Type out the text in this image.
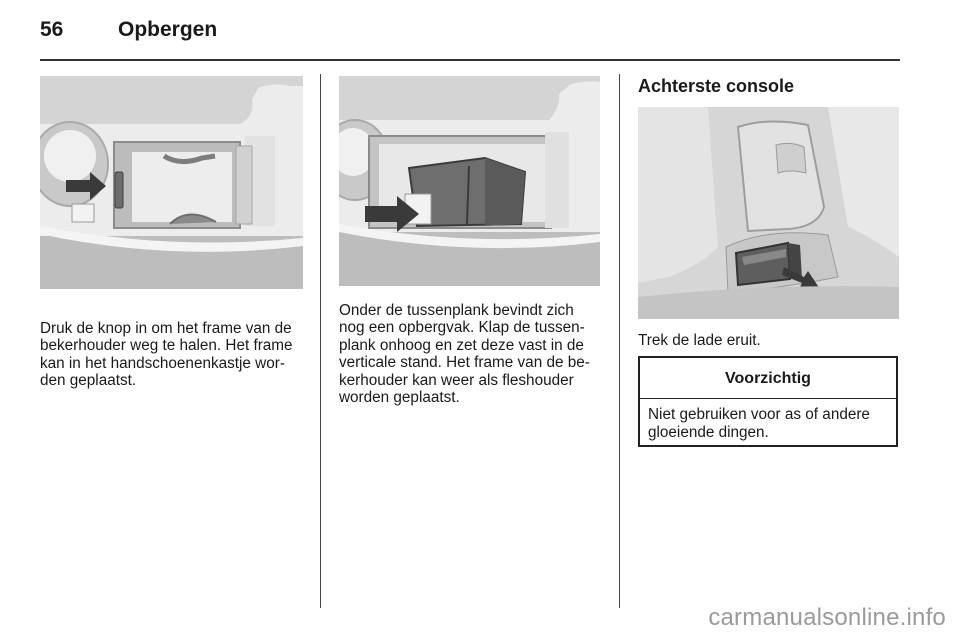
56	Opbergen
Druk de knop in om het frame van de
bekerhouder weg te halen. Het frame
kan in het handschoenenkastje wor-
den geplaatst.
Onder de tussenplank bevindt zich
nog een opbergvak. Klap de tussen-
plank onhoog en zet deze vast in de
verticale stand. Het frame van de be-
kerhouder kan weer als fleshouder
worden geplaatst.
Achterste console
Trek de lade eruit.
Voorzichtig
Niet gebruiken voor as of andere
gloeiende dingen.
carmanualsonline.info
